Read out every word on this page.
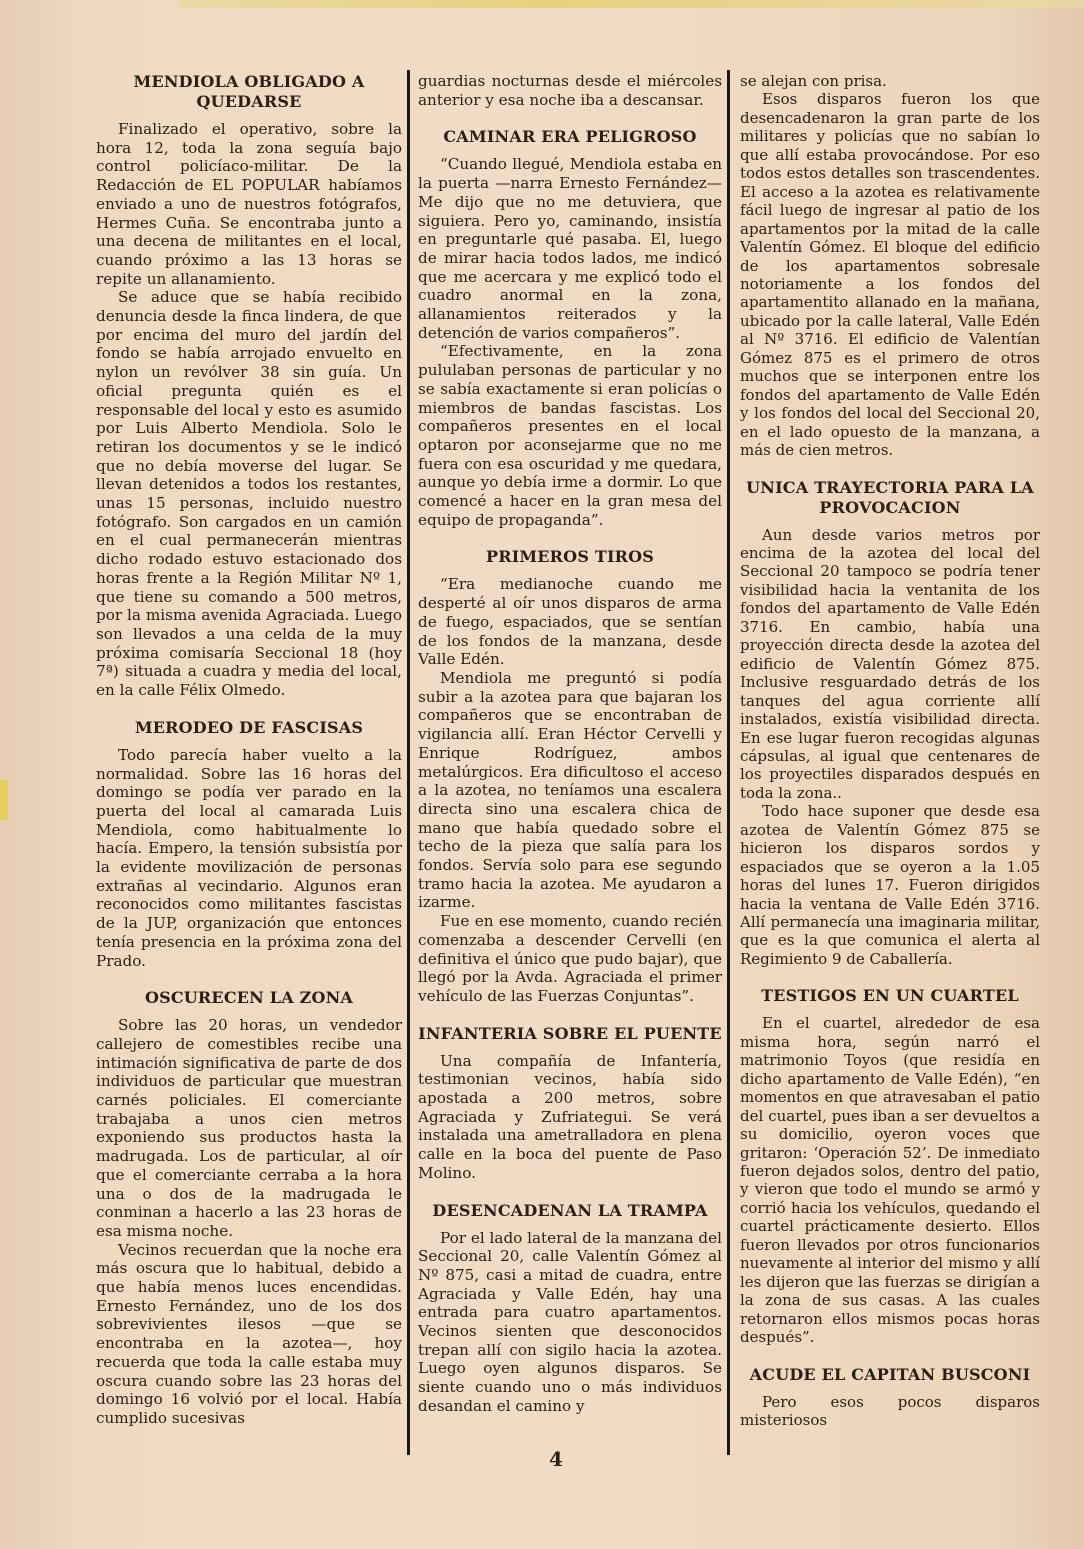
MENDIOLA OBLIGADO A QUEDARSE

Finalizado el operativo, sobre la hora 12, toda la zona seguía bajo control policíaco-militar. De la Redacción de EL POPULAR habíamos enviado a uno de nuestros fotógrafos, Hermes Cuña. Se encontraba junto a una decena de militantes en el local, cuando próximo a las 13 horas se repite un allanamiento.

Se aduce que se había recibido denuncia desde la finca lindera, de que por encima del muro del jardín del fondo se había arrojado envuelto en nylon un revólver 38 sin guía. Un oficial pregunta quién es el responsable del local y esto es asumido por Luis Alberto Mendiola. Solo le retiran los documentos y se le indicó que no debía moverse del lugar. Se llevan detenidos a todos los restantes, unas 15 personas, incluido nuestro fotógrafo. Son cargados en un camión en el cual permanecerán mientras dicho rodado estuvo estacionado dos horas frente a la Región Militar Nº 1, que tiene su comando a 500 metros, por la misma avenida Agraciada. Luego son llevados a una celda de la muy próxima comisaría Seccional 18 (hoy 7ª) situada a cuadra y media del local, en la calle Félix Olmedo.

MERODEO DE FASCISAS

Todo parecía haber vuelto a la normalidad. Sobre las 16 horas del domingo se podía ver parado en la puerta del local al camarada Luis Mendiola, como habitualmente lo hacía. Empero, la tensión subsistía por la evidente movilización de personas extrañas al vecindario. Algunos eran reconocidos como militantes fascistas de la JUP, organización que entonces tenía presencia en la próxima zona del Prado.

OSCURECEN LA ZONA

Sobre las 20 horas, un vendedor callejero de comestibles recibe una intimación significativa de parte de dos individuos de particular que muestran carnés policiales. El comerciante trabajaba a unos cien metros exponiendo sus productos hasta la madrugada. Los de particular, al oír que el comerciante cerraba a la hora una o dos de la madrugada le conminan a hacerlo a las 23 horas de esa misma noche.

Vecinos recuerdan que la noche era más oscura que lo habitual, debido a que había menos luces encendidas. Ernesto Fernández, uno de los dos sobrevivientes ilesos —que se encontraba en la azotea—, hoy recuerda que toda la calle estaba muy oscura cuando sobre las 23 horas del domingo 16 volvió por el local. Había cumplido sucesivas

guardias nocturnas desde el miércoles anterior y esa noche iba a descansar.

CAMINAR ERA PELIGROSO

“Cuando llegué, Mendiola estaba en la puerta —narra Ernesto Fernández— Me dijo que no me detuviera, que siguiera. Pero yo, caminando, insistía en preguntarle qué pasaba. El, luego de mirar hacia todos lados, me indicó que me acercara y me explicó todo el cuadro anormal en la zona, allanamientos reiterados y la detención de varios compañeros”.

“Efectivamente, en la zona pululaban personas de particular y no se sabía exactamente si eran policías o miembros de bandas fascistas. Los compañeros presentes en el local optaron por aconsejarme que no me fuera con esa oscuridad y me quedara, aunque yo debía irme a dormir. Lo que comencé a hacer en la gran mesa del equipo de propaganda”.

PRIMEROS TIROS

“Era medianoche cuando me desperté al oír unos disparos de arma de fuego, espaciados, que se sentían de los fondos de la manzana, desde Valle Edén.

Mendiola me preguntó si podía subir a la azotea para que bajaran los compañeros que se encontraban de vigilancia allí. Eran Héctor Cervelli y Enrique Rodríguez, ambos metalúrgicos. Era dificultoso el acceso a la azotea, no teníamos una escalera directa sino una escalera chica de mano que había quedado sobre el techo de la pieza que salía para los fondos. Servía solo para ese segundo tramo hacia la azotea. Me ayudaron a izarme.

Fue en ese momento, cuando recién comenzaba a descender Cervelli (en definitiva el único que pudo bajar), que llegó por la Avda. Agraciada el primer vehículo de las Fuerzas Conjuntas”.

INFANTERIA SOBRE EL PUENTE

Una compañía de Infantería, testimonian vecinos, había sido apostada a 200 metros, sobre Agraciada y Zufriategui. Se verá instalada una ametralladora en plena calle en la boca del puente de Paso Molino.

DESENCADENAN LA TRAMPA

Por el lado lateral de la manzana del Seccional 20, calle Valentín Gómez al Nº 875, casi a mitad de cuadra, entre Agraciada y Valle Edén, hay una entrada para cuatro apartamentos. Vecinos sienten que desconocidos trepan allí con sigilo hacia la azotea. Luego oyen algunos disparos. Se siente cuando uno o más individuos desandan el camino y

se alejan con prisa.

Esos disparos fueron los que desencadenaron la gran parte de los militares y policías que no sabían lo que allí estaba provocándose. Por eso todos estos detalles son trascendentes. El acceso a la azotea es relativamente fácil luego de ingresar al patio de los apartamentos por la mitad de la calle Valentín Gómez. El bloque del edificio de los apartamentos sobresale notoriamente a los fondos del apartamentito allanado en la mañana, ubicado por la calle lateral, Valle Edén al Nº 3716. El edificio de Valentían Gómez 875 es el primero de otros muchos que se interponen entre los fondos del apartamento de Valle Edén y los fondos del local del Seccional 20, en el lado opuesto de la manzana, a más de cien metros.

UNICA TRAYECTORIA PARA LA PROVOCACION

Aun desde varios metros por encima de la azotea del local del Seccional 20 tampoco se podría tener visibilidad hacia la ventanita de los fondos del apartamento de Valle Edén 3716. En cambio, había una proyección directa desde la azotea del edificio de Valentín Gómez 875. Inclusive resguardado detrás de los tanques del agua corriente allí instalados, existía visibilidad directa. En ese lugar fueron recogidas algunas cápsulas, al igual que centenares de los proyectiles disparados después en toda la zona..

Todo hace suponer que desde esa azotea de Valentín Gómez 875 se hicieron los disparos sordos y espaciados que se oyeron a la 1.05 horas del lunes 17. Fueron dirigidos hacia la ventana de Valle Edén 3716. Allí permanecía una imaginaria militar, que es la que comunica el alerta al Regimiento 9 de Caballería.

TESTIGOS EN UN CUARTEL

En el cuartel, alrededor de esa misma hora, según narró el matrimonio Toyos (que residía en dicho apartamento de Valle Edén), “en momentos en que atravesaban el patio del cuartel, pues iban a ser devueltos a su domicilio, oyeron voces que gritaron: ‘Operación 52’. De inmediato fueron dejados solos, dentro del patio, y vieron que todo el mundo se armó y corrió hacia los vehículos, quedando el cuartel prácticamente desierto. Ellos fueron llevados por otros funcionarios nuevamente al interior del mismo y allí les dijeron que las fuerzas se dirigían a la zona de sus casas. A las cuales retornaron ellos mismos pocas horas después”.

ACUDE EL CAPITAN BUSCONI

Pero esos pocos disparos misteriosos

4
